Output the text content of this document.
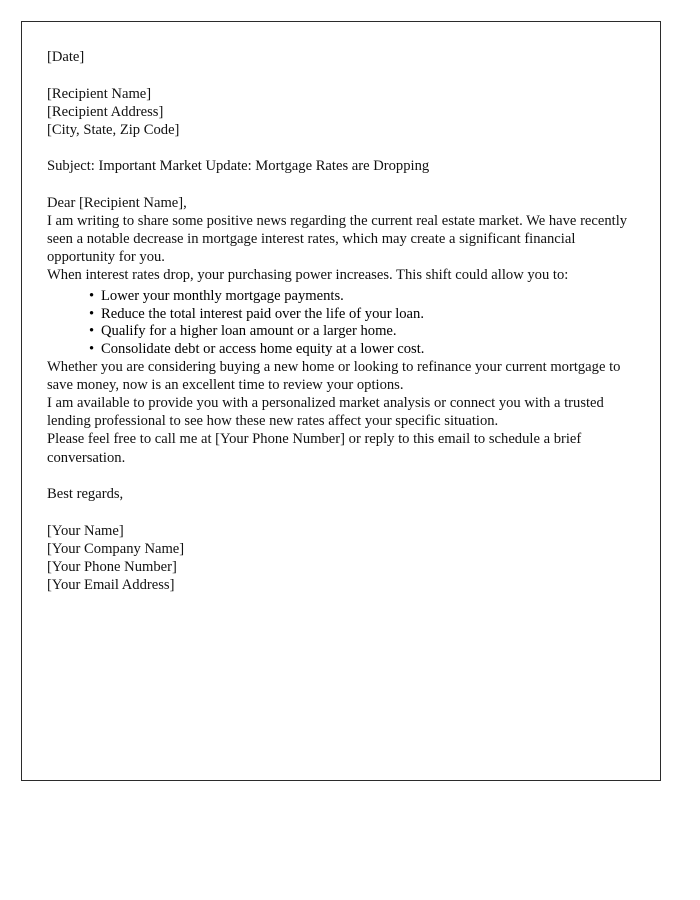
[Date]
[Recipient Name]
[Recipient Address]
[City, State, Zip Code]
Subject: Important Market Update: Mortgage Rates are Dropping
Dear [Recipient Name],

I am writing to share some positive news regarding the current real estate market. We have recently seen a notable decrease in mortgage interest rates, which may create a significant financial opportunity for you.

When interest rates drop, your purchasing power increases. This shift could allow you to:

• Lower your monthly mortgage payments.
• Reduce the total interest paid over the life of your loan.
• Qualify for a higher loan amount or a larger home.
• Consolidate debt or access home equity at a lower cost.

Whether you are considering buying a new home or looking to refinance your current mortgage to save money, now is an excellent time to review your options.

I am available to provide you with a personalized market analysis or connect you with a trusted lending professional to see how these new rates affect your specific situation.

Please feel free to call me at [Your Phone Number] or reply to this email to schedule a brief conversation.

Best regards,
[Your Name]
[Your Company Name]
[Your Phone Number]
[Your Email Address]
